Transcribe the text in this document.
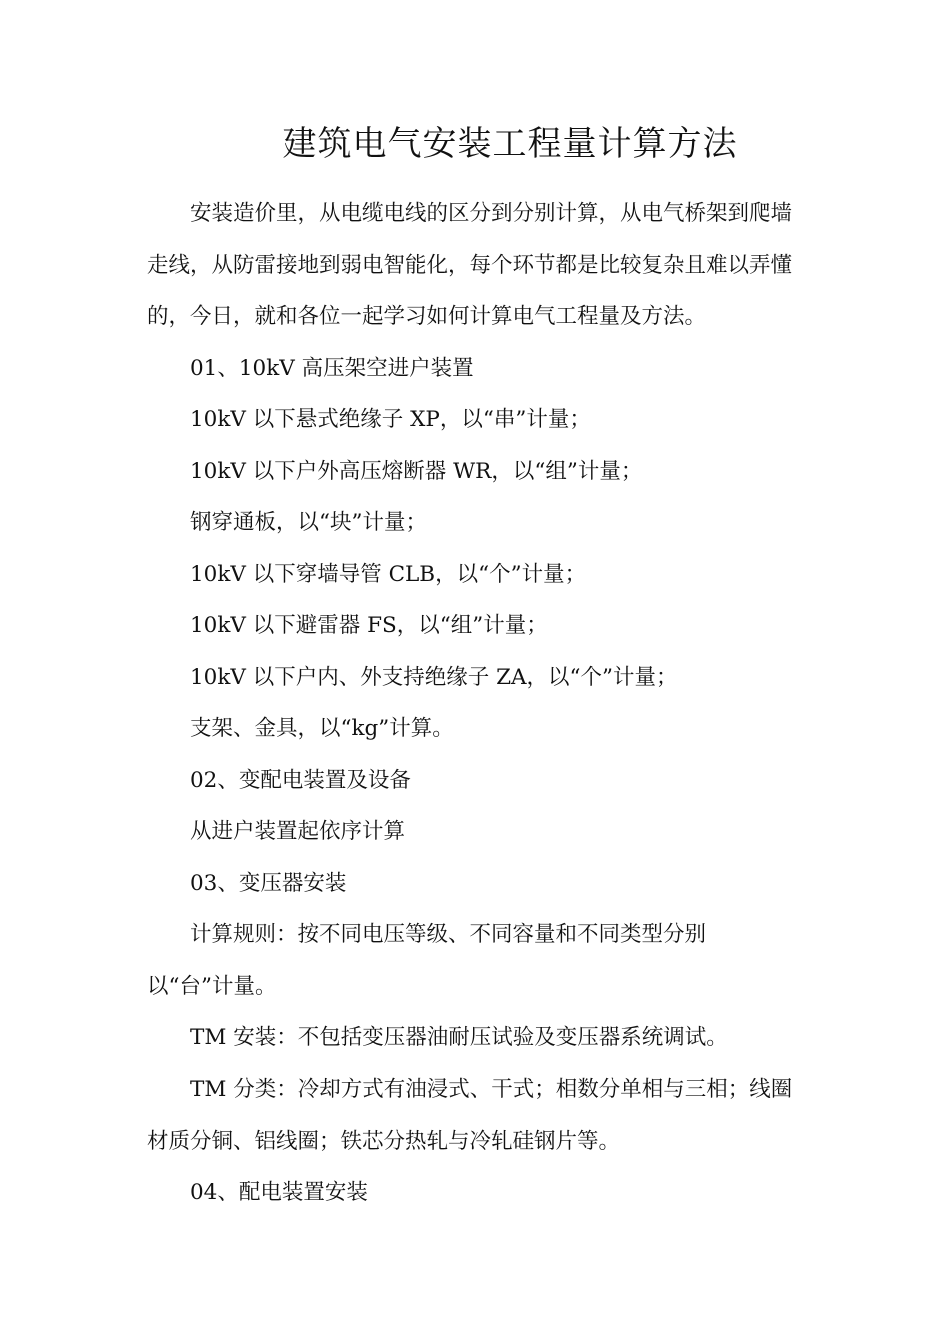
建筑电气安装工程量计算方法

安装造价里，从电缆电线的区分到分别计算，从电气桥架到爬墙走线，从防雷接地到弱电智能化，每个环节都是比较复杂且难以弄懂的，今日，就和各位一起学习如何计算电气工程量及方法。

01、10kV 高压架空进户装置

10kV 以下悬式绝缘子 XP，以“串”计量；

10kV 以下户外高压熔断器 WR，以“组”计量；

钢穿通板，以“块”计量；

10kV 以下穿墙导管 CLB，以“个”计量；

10kV 以下避雷器 FS，以“组”计量；

10kV 以下户内、外支持绝缘子 ZA，以“个”计量；

支架、金具，以“kg”计算。

02、变配电装置及设备

从进户装置起依序计算

03、变压器安装

计算规则：按不同电压等级、不同容量和不同类型分别

以“台”计量。

TM 安装：不包括变压器油耐压试验及变压器系统调试。

TM 分类：冷却方式有油浸式、干式；相数分单相与三相；线圈材质分铜、铝线圈；铁芯分热轧与冷轧硅钢片等。

04、配电装置安装
